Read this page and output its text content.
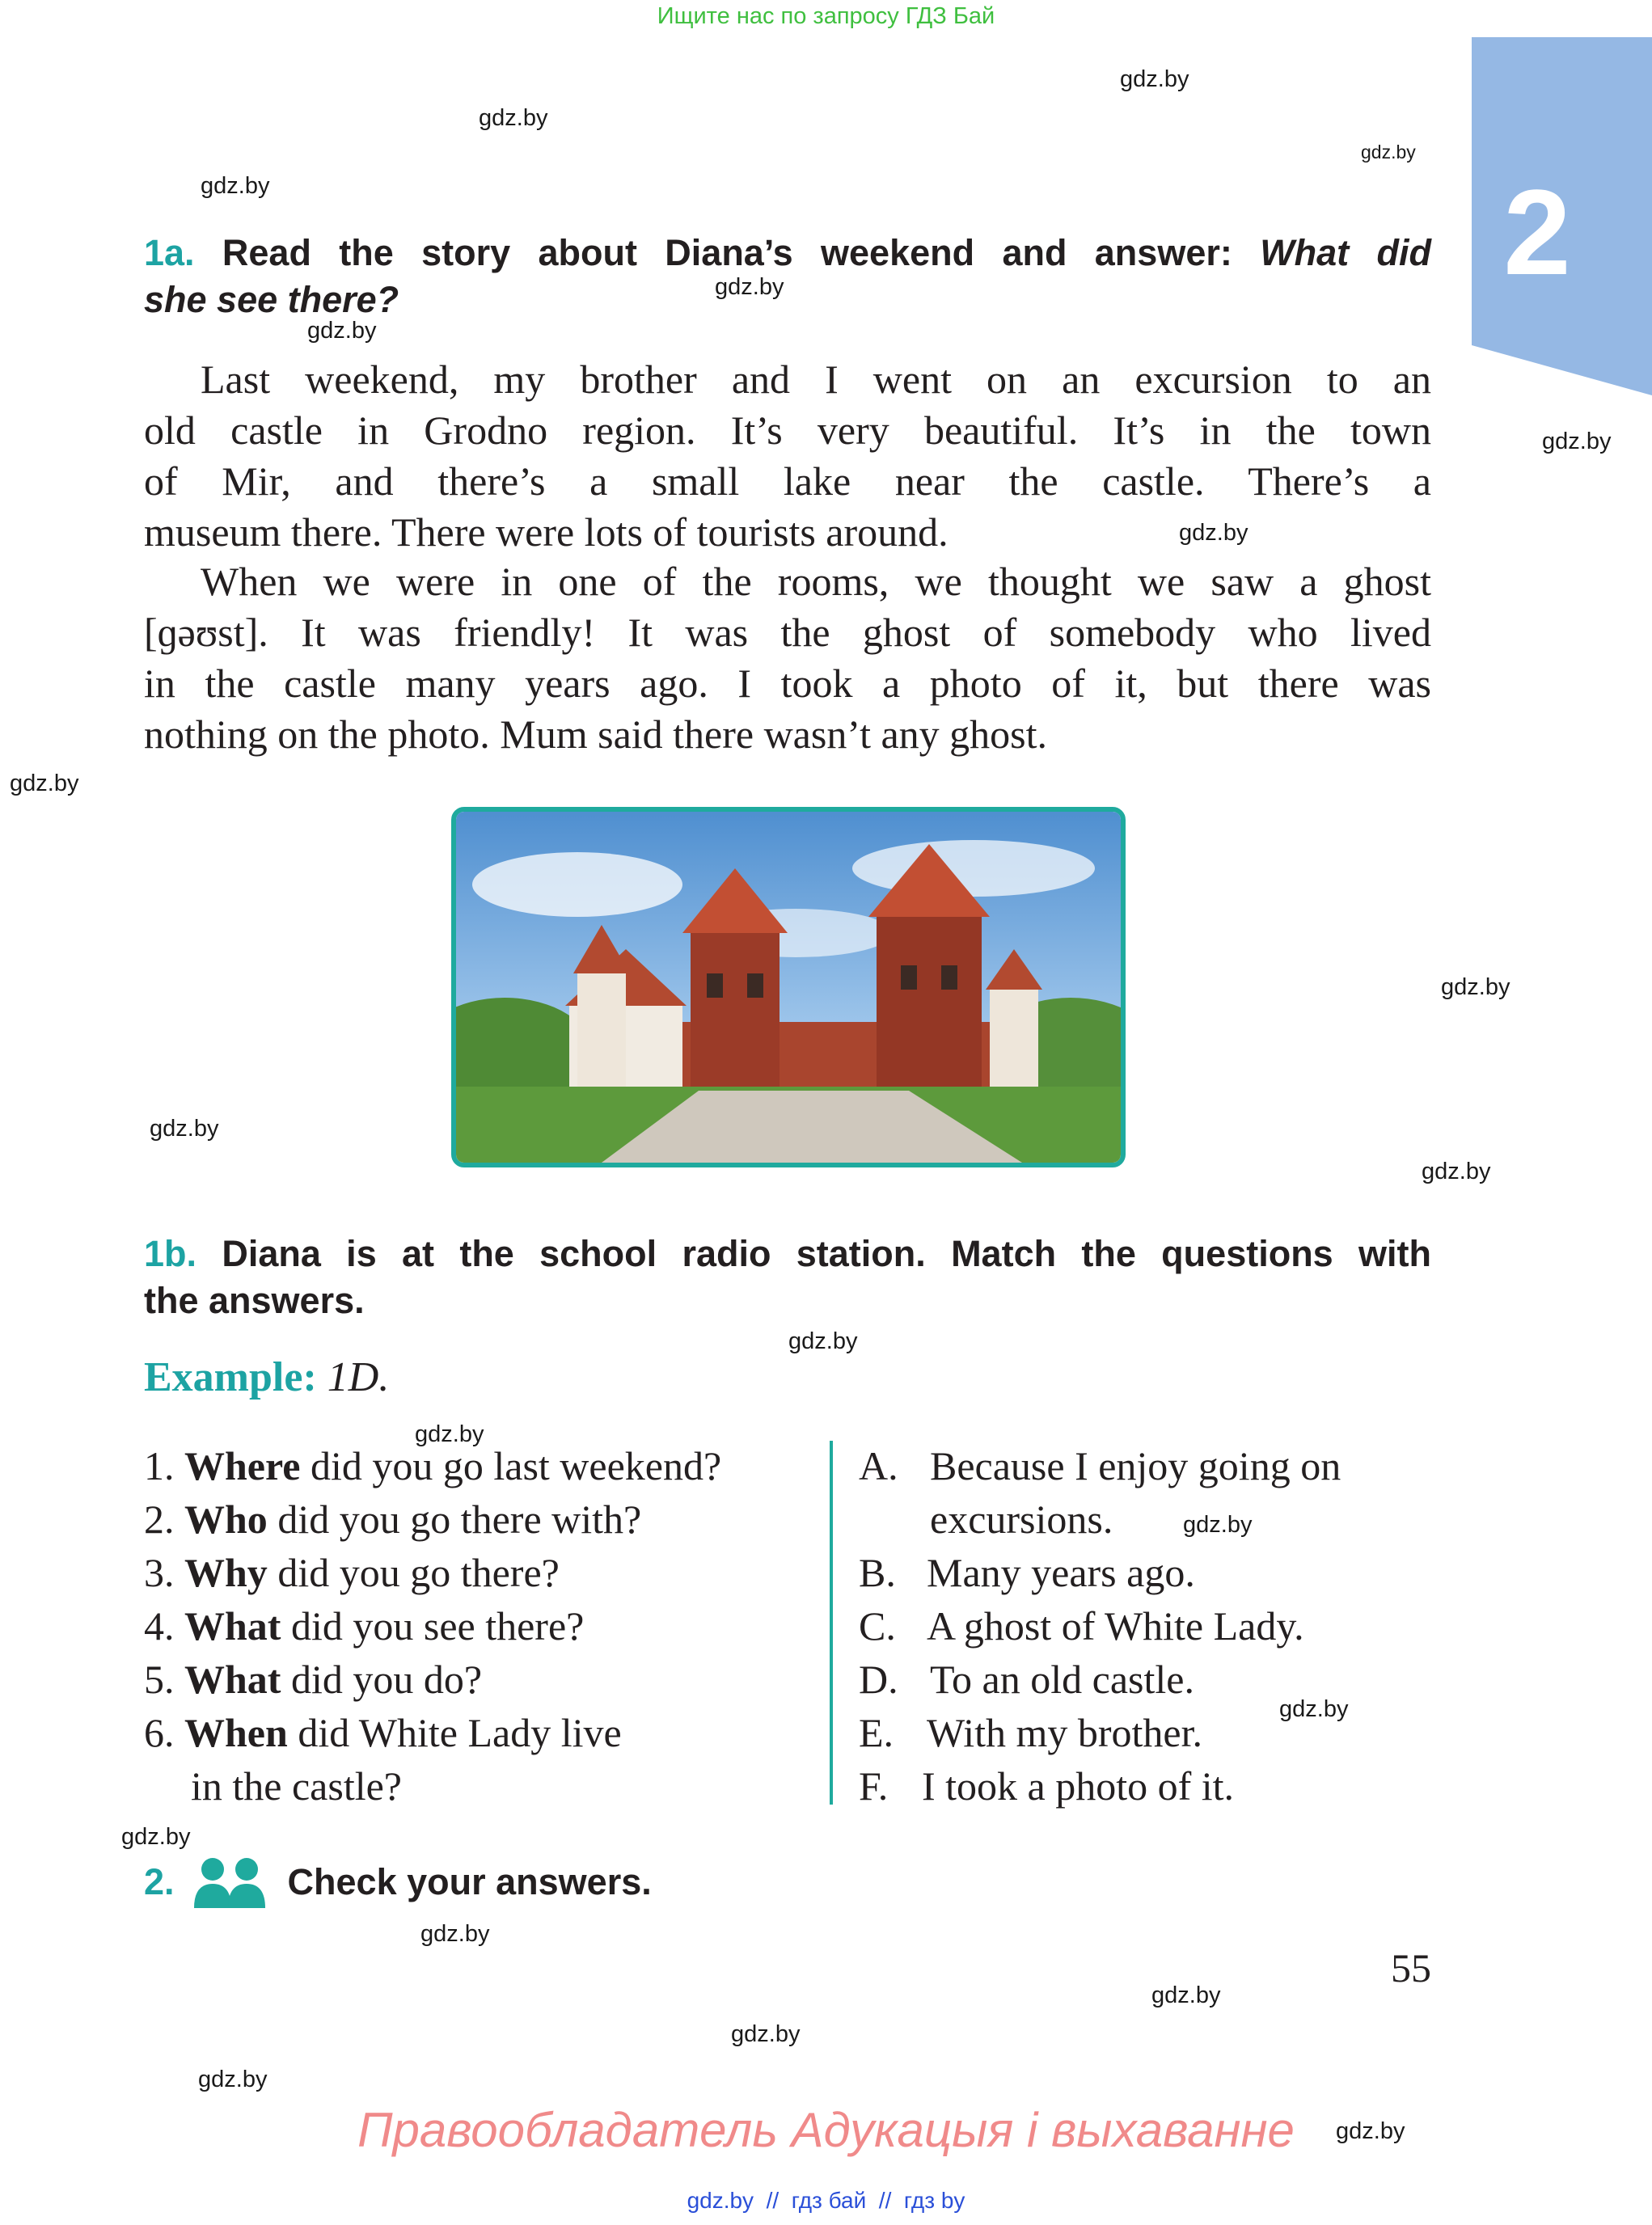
Ищите нас по запросу ГДЗ Бай
2
gdz.by
gdz.by
gdz.by
gdz.by
gdz.by
gdz.by
gdz.by
gdz.by
gdz.by
gdz.by
gdz.by
gdz.by
gdz.by
gdz.by
gdz.by
gdz.by
gdz.by
gdz.by
gdz.by
gdz.by
gdz.by
gdz.by
1a. Read the story about Diana’s weekend and answer: What did
she see there?
Last weekend, my brother and I went on an excursion to an
old castle in Grodno region. It’s very beautiful. It’s in the town
of Mir, and there’s a small lake near the castle. There’s a
museum there. There were lots of tourists around.
When we were in one of the rooms, we thought we saw a ghost
[ɡəʊst]. It was friendly! It was the ghost of somebody who lived
in the castle many years ago. I took a photo of it, but there was
nothing on the photo. Mum said there wasn’t any ghost.
1b. Diana is at the school radio station. Match the questions with
the answers.
Example: 1D.
1. Where did you go last weekend?
2. Who did you go there with?
3. Why did you go there?
4. What did you see there?
5. What did you do?
6. When did White Lady live
in the castle?
A. Because I enjoy going on
excursions.
B. Many years ago.
C. A ghost of White Lady.
D. To an old castle.
E. With my brother.
F. I took a photo of it.
2.	Check your answers.
55
Правообладатель Адукацыя і выхаванне
gdz.by  //  гдз бай  //  гдз by
